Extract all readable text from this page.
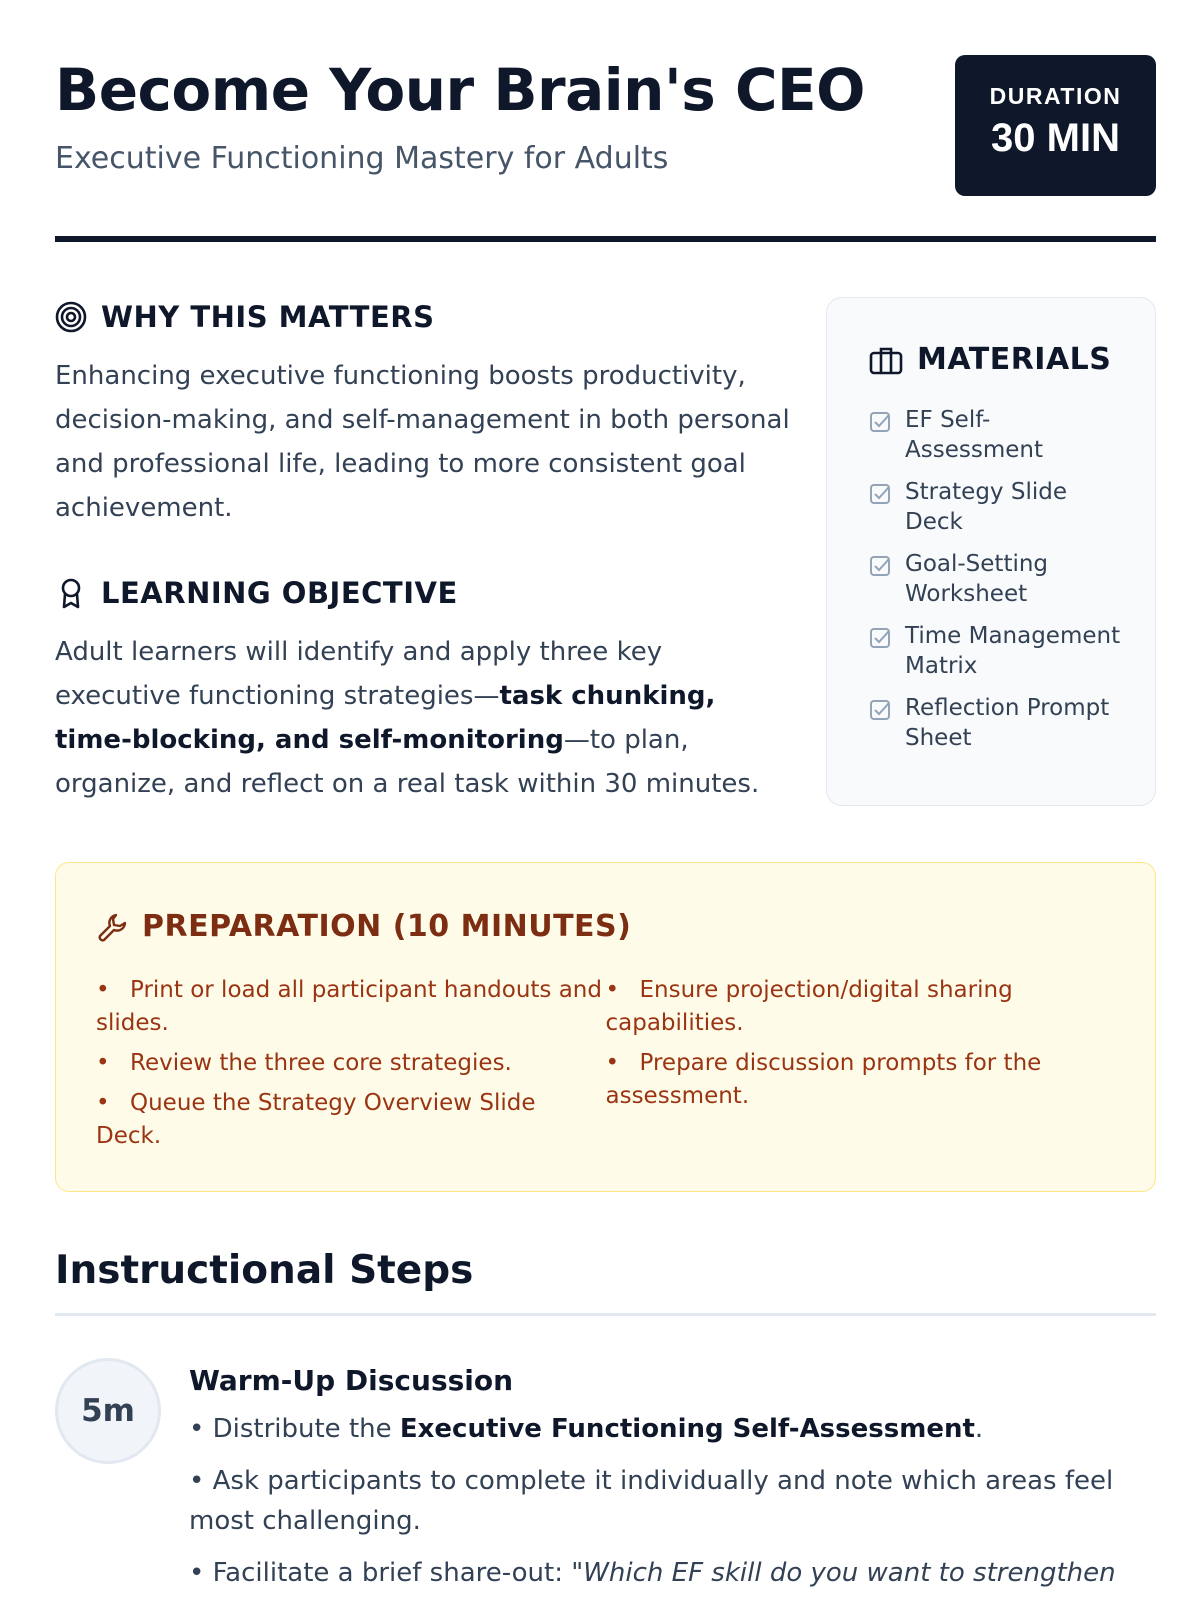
Become Your Brain's CEO
Executive Functioning Mastery for Adults
DURATION
30 MIN
WHY THIS MATTERS

Enhancing executive functioning boosts productivity, decision-making, and self-management in both personal and professional life, leading to more consistent goal achievement.

LEARNING OBJECTIVE

Adult learners will identify and apply three key executive functioning strategies—task chunking, time-blocking, and self-monitoring—to plan, organize, and reflect on a real task within 30 minutes.

MATERIALS
EF Self-Assessment
Strategy Slide Deck
Goal-Setting Worksheet
Time Management Matrix
Reflection Prompt Sheet
PREPARATION (10 MINUTES)
• Print or load all participant handouts and slides.
• Review the three core strategies.
• Queue the Strategy Overview Slide Deck.
• Ensure projection/digital sharing capabilities.
• Prepare discussion prompts for the assessment.
Instructional Steps
5m
Warm-Up Discussion
• Distribute the Executive Functioning Self-Assessment.
• Ask participants to complete it individually and note which areas feel most challenging.
• Facilitate a brief share-out: "Which EF skill do you want to strengthen
